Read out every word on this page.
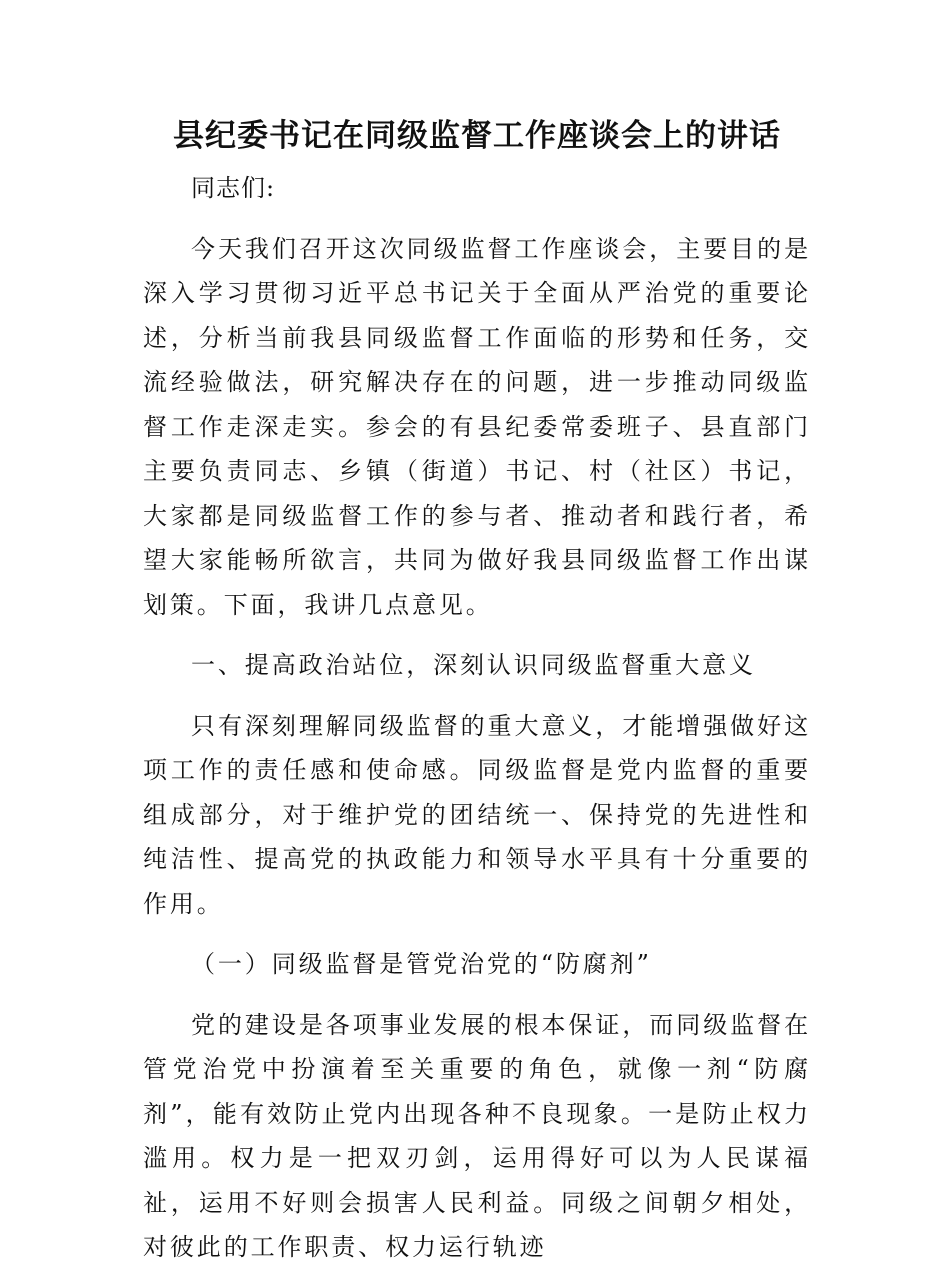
县纪委书记在同级监督工作座谈会上的讲话

同志们:

今天我们召开这次同级监督工作座谈会，主要目的是深入学习贯彻习近平总书记关于全面从严治党的重要论述，分析当前我县同级监督工作面临的形势和任务，交流经验做法，研究解决存在的问题，进一步推动同级监督工作走深走实。参会的有县纪委常委班子、县直部门主要负责同志、乡镇（街道）书记、村（社区）书记，大家都是同级监督工作的参与者、推动者和践行者，希望大家能畅所欲言，共同为做好我县同级监督工作出谋划策。下面，我讲几点意见。

一、提高政治站位，深刻认识同级监督重大意义

只有深刻理解同级监督的重大意义，才能增强做好这项工作的责任感和使命感。同级监督是党内监督的重要组成部分，对于维护党的团结统一、保持党的先进性和纯洁性、提高党的执政能力和领导水平具有十分重要的作用。

（一）同级监督是管党治党的“防腐剂”

党的建设是各项事业发展的根本保证，而同级监督在管党治党中扮演着至关重要的角色，就像一剂“防腐剂”，能有效防止党内出现各种不良现象。一是防止权力滥用。权力是一把双刃剑，运用得好可以为人民谋福祉，运用不好则会损害人民利益。同级之间朝夕相处，对彼此的工作职责、权力运行轨迹
